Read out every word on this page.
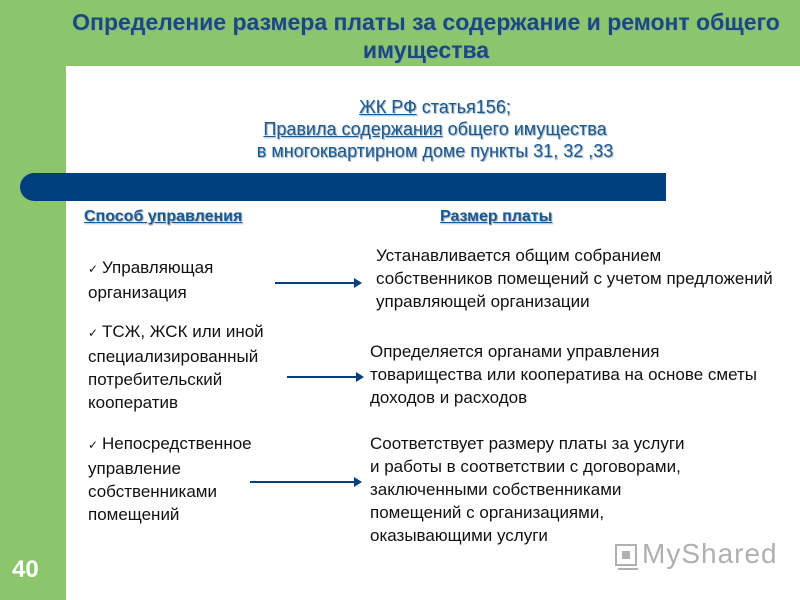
Определение размера платы за содержание и ремонт общего имущества
ЖК РФ статья156;
Правила содержания общего имущества
в многоквартирном доме пункты 31, 32 ,33
Способ управления	Размер платы
✓ Управляющая организация
Устанавливается общим собранием собственников помещений с учетом предложений управляющей организации
✓ ТСЖ, ЖСК или иной специализированный потребительский кооператив
Определяется органами управления товарищества или кооператива на основе сметы доходов и расходов
✓ Непосредственное управление собственниками помещений
Соответствует размеру платы за услуги и работы в соответствии с договорами, заключенными собственниками помещений с организациями, оказывающими услуги
40
MyShared
